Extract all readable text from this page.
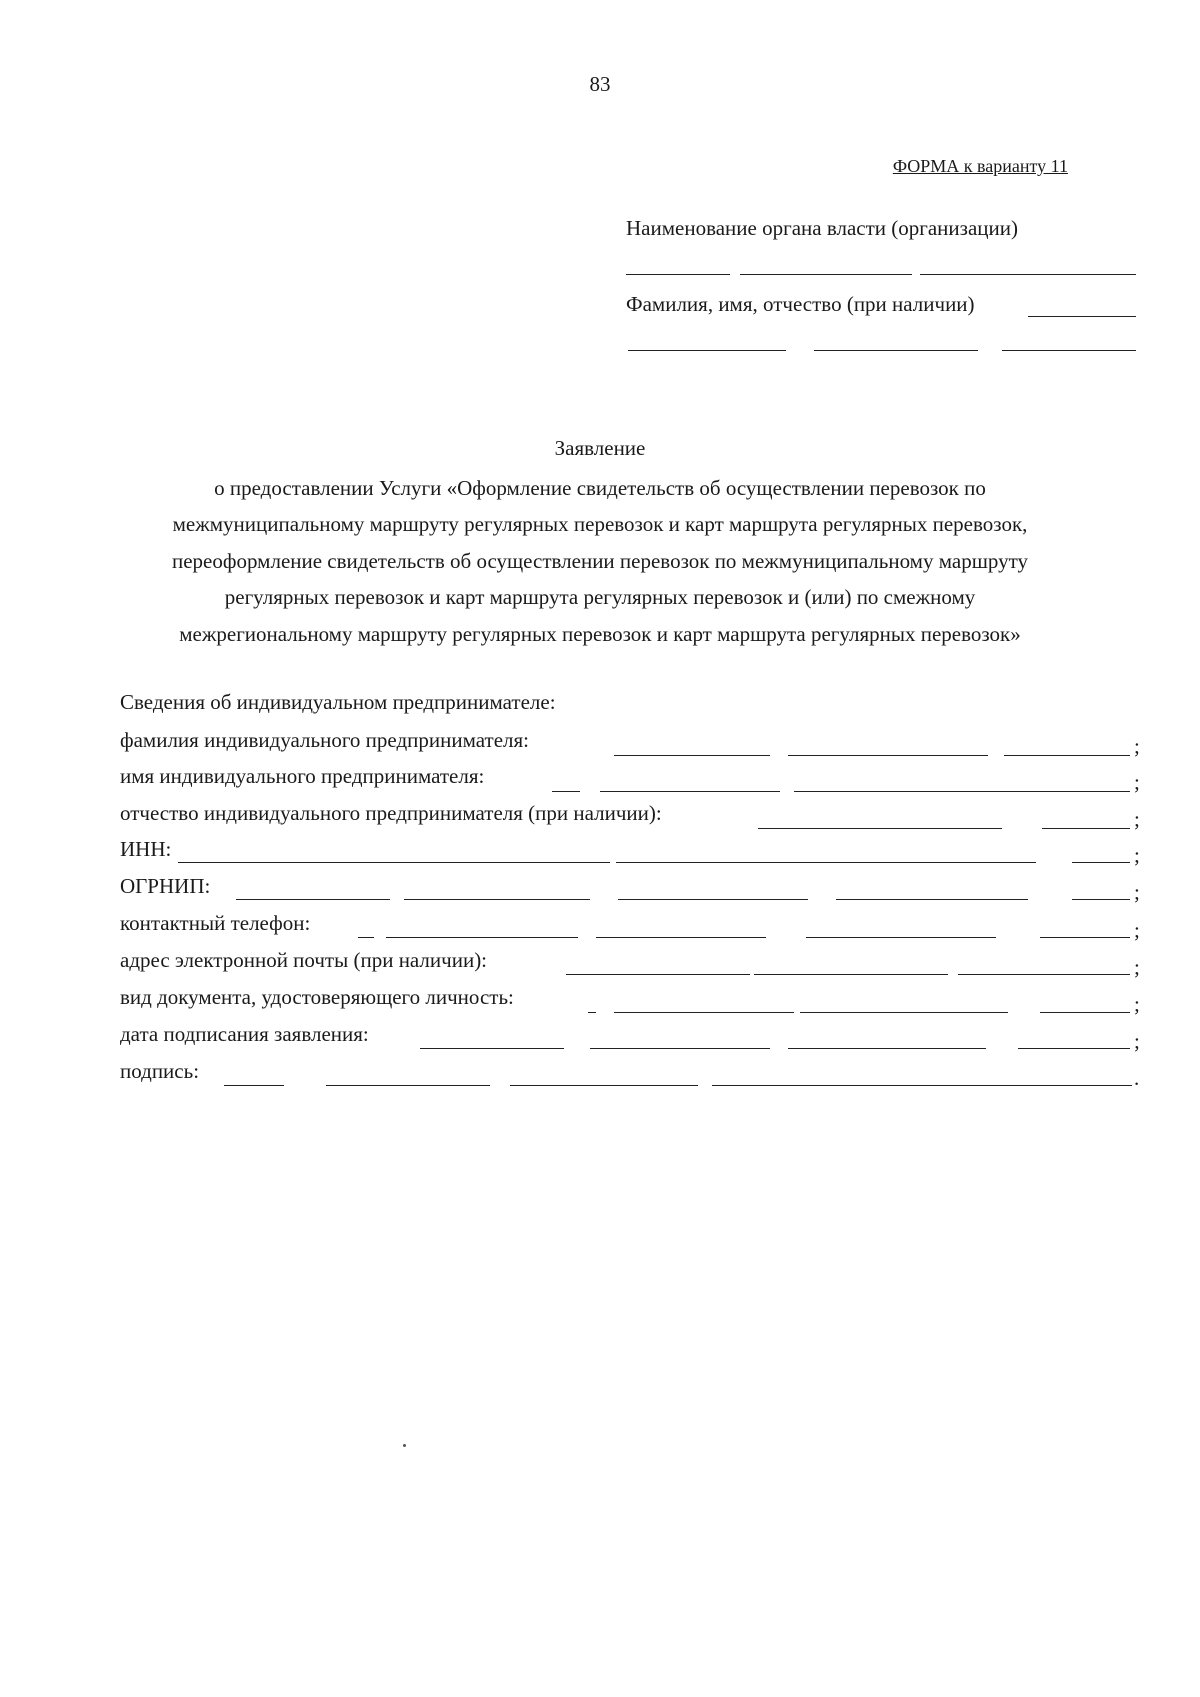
83
ФОРМА к варианту 11
Наименование органа власти (организации)
Фамилия, имя, отчество (при наличии)
Заявление
о предоставлении Услуги «Оформление свидетельств об осуществлении перевозок по
межмуниципальному маршруту регулярных перевозок и карт маршрута регулярных перевозок,
переоформление свидетельств об осуществлении перевозок по межмуниципальному маршруту
регулярных перевозок и карт маршрута регулярных перевозок и (или) по смежному
межрегиональному маршруту регулярных перевозок и карт маршрута регулярных перевозок»
Сведения об индивидуальном предпринимателе:
фамилия индивидуального предпринимателя:	;
имя индивидуального предпринимателя:	;
отчество индивидуального предпринимателя (при наличии):	;
ИНН:	;
ОГРНИП:	;
контактный телефон:	;
адрес электронной почты (при наличии):	;
вид документа, удостоверяющего личность:	;
дата подписания заявления:	;
подпись:	.
